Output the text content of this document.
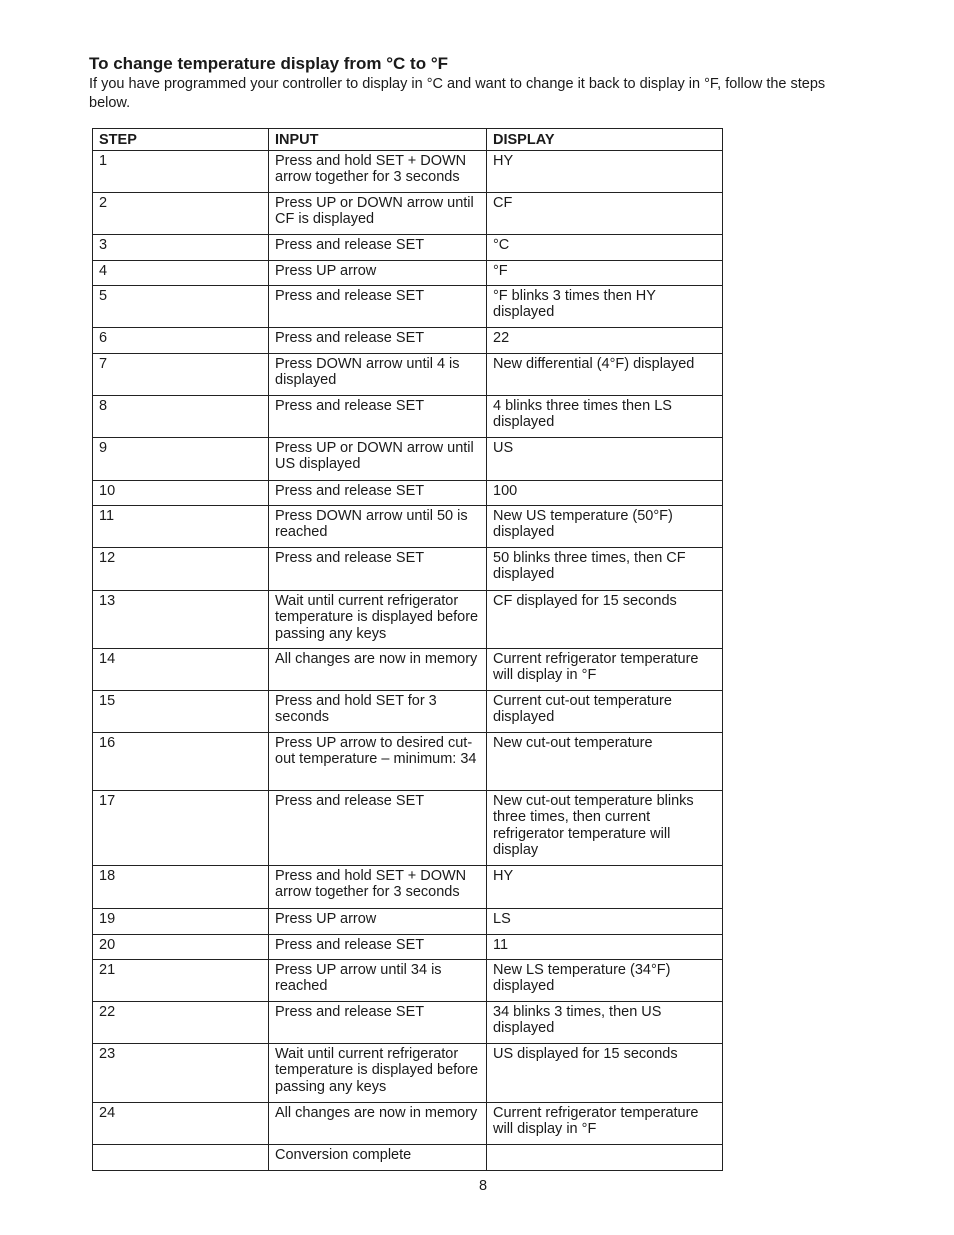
To change temperature display from °C to °F
If you have programmed your controller to display in °C and want to change it back to display in °F, follow the steps below.
STEP	INPUT	DISPLAY
1	Press and hold SET + DOWN arrow together for 3 seconds	HY
2	Press UP or DOWN arrow until CF is displayed	CF
3	Press and release SET	°C
4	Press UP arrow	°F
5	Press and release SET	°F blinks 3 times then HY displayed
6	Press and release SET	22
7	Press DOWN arrow until 4 is displayed	New differential (4°F) displayed
8	Press and release SET	4 blinks three times then LS displayed
9	Press UP or DOWN arrow until US displayed	US
10	Press and release SET	100
11	Press DOWN arrow until 50 is reached	New US temperature (50°F) displayed
12	Press and release SET	50 blinks three times, then CF displayed
13	Wait until current refrigerator temperature is displayed before passing any keys	CF displayed for 15 seconds
14	All changes are now in memory	Current refrigerator temperature will display in °F
15	Press and hold SET for 3 seconds	Current cut-out temperature displayed
16	Press UP arrow to desired cut-out temperature – minimum: 34	New cut-out temperature
17	Press and release SET	New cut-out temperature blinks three times, then current refrigerator temperature will display
18	Press and hold SET + DOWN arrow together for 3 seconds	HY
19	Press UP arrow	LS
20	Press and release SET	11
21	Press UP arrow until 34 is reached	New LS temperature (34°F) displayed
22	Press and release SET	34 blinks 3 times, then US displayed
23	Wait until current refrigerator temperature is displayed before passing any keys	US displayed for 15 seconds
24	All changes are now in memory	Current refrigerator temperature will display in °F
	Conversion complete	
8
